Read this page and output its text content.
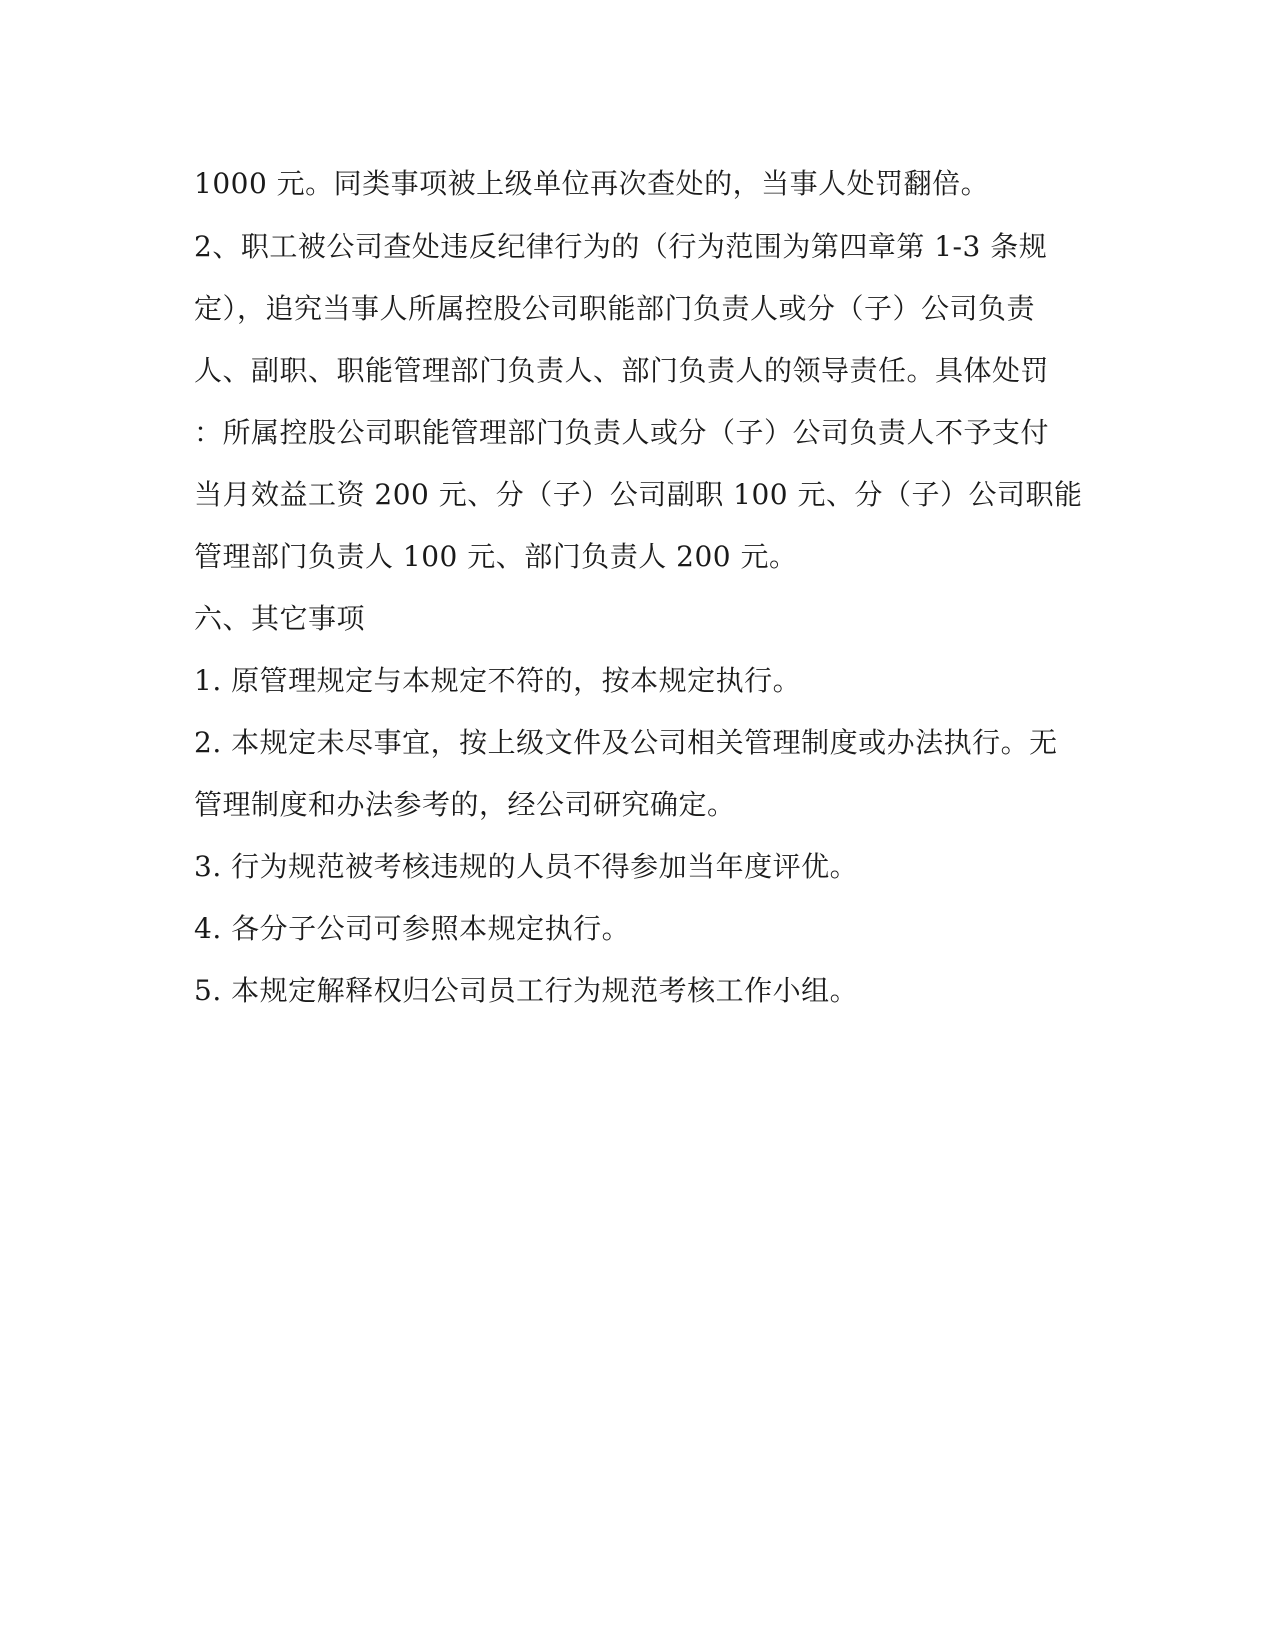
1000 元。同类事项被上级单位再次查处的，当事人处罚翻倍。
2、职工被公司查处违反纪律行为的（行为范围为第四章第 1-3 条规
定），追究当事人所属控股公司职能部门负责人或分（子）公司负责
人、副职、职能管理部门负责人、部门负责人的领导责任。具体处罚
：所属控股公司职能管理部门负责人或分（子）公司负责人不予支付
当月效益工资 200 元、分（子）公司副职 100 元、分（子）公司职能
管理部门负责人 100 元、部门负责人 200 元。
六、其它事项
1. 原管理规定与本规定不符的，按本规定执行。
2. 本规定未尽事宜，按上级文件及公司相关管理制度或办法执行。无
管理制度和办法参考的，经公司研究确定。
3. 行为规范被考核违规的人员不得参加当年度评优。
4. 各分子公司可参照本规定执行。
5. 本规定解释权归公司员工行为规范考核工作小组。
